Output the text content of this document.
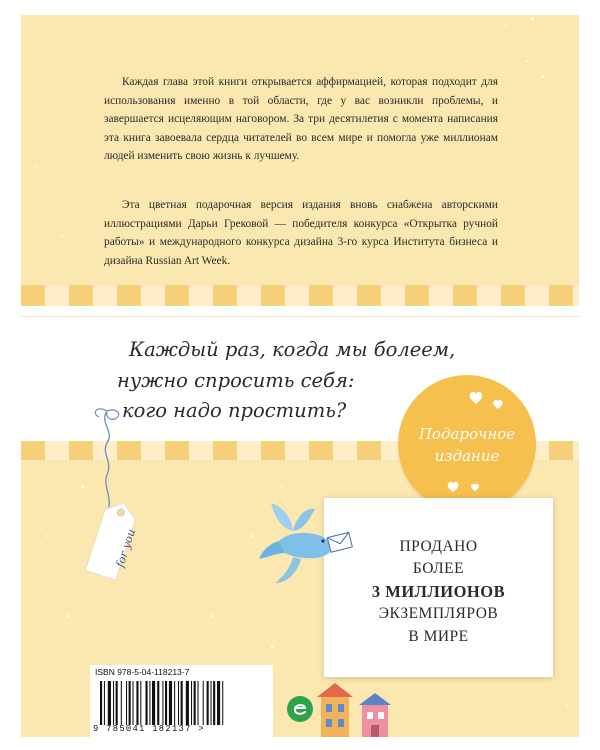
Каждая глава этой книги открывается аффирмацией, которая подходит для использования именно в той области, где у вас возникли проблемы, и завершается исцеляющим наговором. За три десятилетия с момента написания эта книга завоевала сердца читателей во всем мире и помогла уже миллионам людей изменить свою жизнь к лучшему.

Эта цветная подарочная версия издания вновь снабжена авторскими иллюстрациями Дарьи Грековой — победителя конкурса «Открытка ручной работы» и международного конкурса дизайна 3-го курса Института бизнеса и дизайна Russian Art Week.

Каждый раз, когда мы болеем,
нужно спросить себя:
кого надо простить?
for you
Подарочное
издание
ПРОДАНО
БОЛЕЕ
3 МИЛЛИОНОВ
ЭКЗЕМПЛЯРОВ
В МИРЕ
ISBN 978-5-04-118213-7
9 785041 182137 >
